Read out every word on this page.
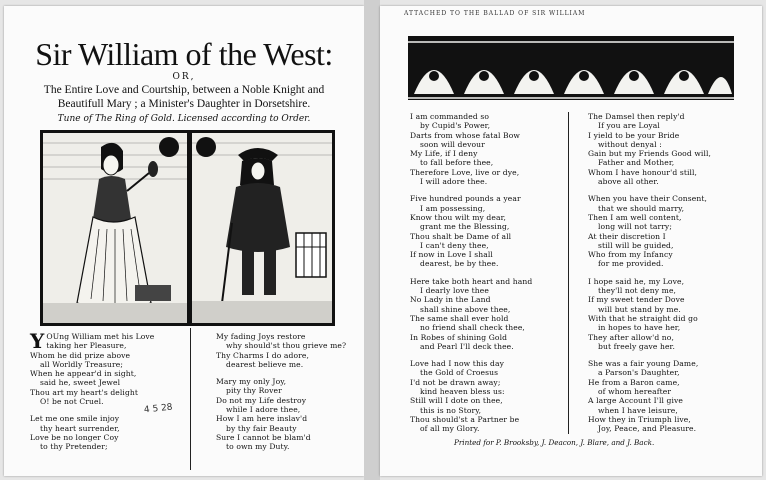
Sir William of the West:
OR,
The Entire Love and Courtship, between a Noble Knight and
Beautifull Mary ; a Minister's Daughter in Dorsetshire.
Tune of The Ring of Gold. Licensed according to Order.
Y OUng William met his Love
taking her Pleasure,
Whom he did prize above
all Worldly Treasure;
When he appear'd in sight,
said he, sweet Jewel
Thou art my heart's delight
O! be not Cruel.
Let me one smile injoy
thy heart surrender,
Love be no longer Coy
to thy Pretender;
My fading Joys restore
why should'st thou grieve me?
Thy Charms I do adore,
dearest believe me.
Mary my only Joy,
pity thy Rover
Do not my Life destroy
while I adore thee,
How I am here inslav'd
by thy fair Beauty
Sure I cannot be blam'd
to own my Duty.
4 5 28
ATTACHED TO THE BALLAD OF SIR WILLIAM
I am commanded so
by Cupid's Power,
Darts from whose fatal Bow
soon will devour
My Life, if I deny
to fall before thee,
Therefore Love, live or dye,
I will adore thee.
Five hundred pounds a year
I am possessing,
Know thou wilt my dear,
grant me the Blessing,
Thou shalt be Dame of all
I can't deny thee,
If now in Love I shall
dearest, be by thee.
Here take both heart and hand
I dearly love thee
No Lady in the Land
shall shine above thee,
The same shall ever hold
no friend shall check thee,
In Robes of shining Gold
and Pearl I'll deck thee.
Love had I now this day
the Gold of Croesus
I'd not be drawn away;
kind heaven bless us:
Still will I dote on thee,
this is no Story,
Thou should'st a Partner be
of all my Glory.
The Damsel then reply'd
If you are Loyal
I yield to be your Bride
without denyal :
Gain but my Friends Good will,
Father and Mother,
Whom I have honour'd still,
above all other.
When you have their Consent,
that we should marry,
Then I am well content,
long will not tarry;
At their discretion I
still will be guided,
Who from my Infancy
for me provided.
I hope said he, my Love,
they'll not deny me,
If my sweet tender Dove
will but stand by me.
With that he straight did go
in hopes to have her,
They after allow'd no,
but freely gave her.
She was a fair young Dame,
a Parson's Daughter,
He from a Baron came,
of whom hereafter
A large Account I'll give
when I have leisure,
How they in Triumph live,
Joy, Peace, and Pleasure.
Printed for P. Brooksby, J. Deacon, J. Blare, and J. Back.
